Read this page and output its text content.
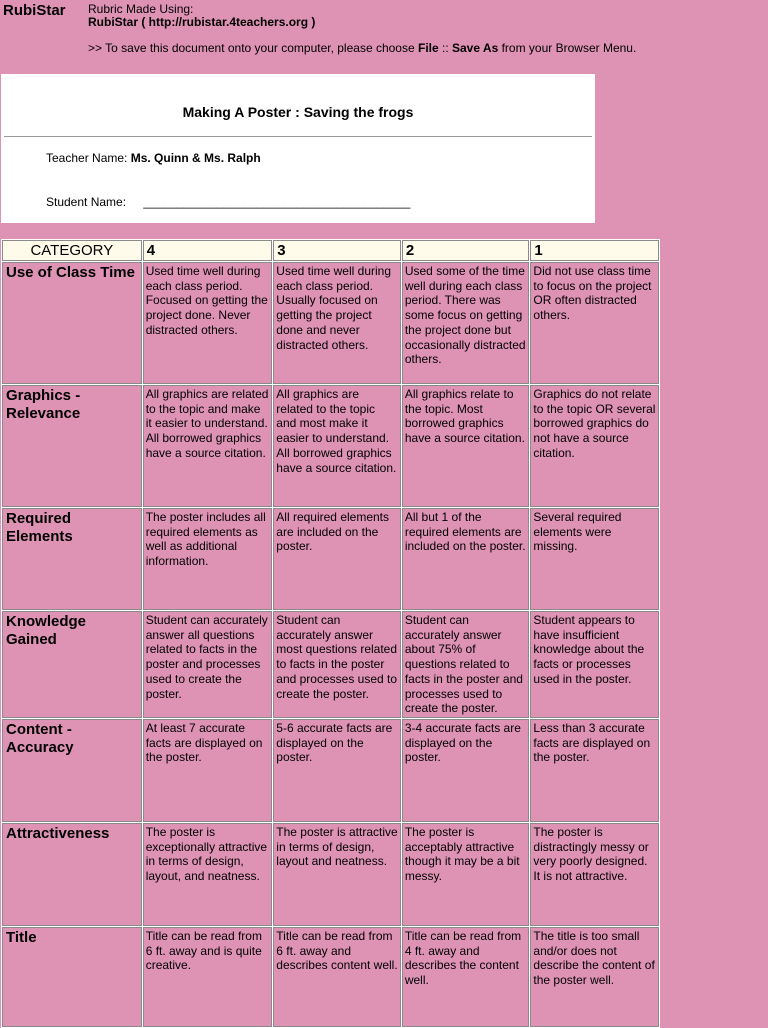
RubiStar Rubric Made Using:
RubiStar ( http://rubistar.4teachers.org )
>> To save this document onto your computer, please choose File :: Save As from your Browser Menu.
Making A Poster : Saving the frogs
Teacher Name: Ms. Quinn & Ms. Ralph
Student Name: ________________________________________
CATEGORY	4	3	2	1
Use of Class Time	Used time well during each class period. Focused on getting the project done. Never distracted others.	Used time well during each class period. Usually focused on getting the project done and never distracted others.	Used some of the time well during each class period. There was some focus on getting the project done but occasionally distracted others.	Did not use class time to focus on the project OR often distracted others.
Graphics - Relevance	All graphics are related to the topic and make it easier to understand. All borrowed graphics have a source citation.	All graphics are related to the topic and most make it easier to understand. All borrowed graphics have a source citation.	All graphics relate to the topic. Most borrowed graphics have a source citation.	Graphics do not relate to the topic OR several borrowed graphics do not have a source citation.
Required Elements	The poster includes all required elements as well as additional information.	All required elements are included on the poster.	All but 1 of the required elements are included on the poster.	Several required elements were missing.
Knowledge Gained	Student can accurately answer all questions related to facts in the poster and processes used to create the poster.	Student can accurately answer most questions related to facts in the poster and processes used to create the poster.	Student can accurately answer about 75% of questions related to facts in the poster and processes used to create the poster.	Student appears to have insufficient knowledge about the facts or processes used in the poster.
Content - Accuracy	At least 7 accurate facts are displayed on the poster.	5-6 accurate facts are displayed on the poster.	3-4 accurate facts are displayed on the poster.	Less than 3 accurate facts are displayed on the poster.
Attractiveness	The poster is exceptionally attractive in terms of design, layout, and neatness.	The poster is attractive in terms of design, layout and neatness.	The poster is acceptably attractive though it may be a bit messy.	The poster is distractingly messy or very poorly designed. It is not attractive.
Title	Title can be read from 6 ft. away and is quite creative.	Title can be read from 6 ft. away and describes content well.	Title can be read from 4 ft. away and describes the content well.	The title is too small and/or does not describe the content of the poster well.
